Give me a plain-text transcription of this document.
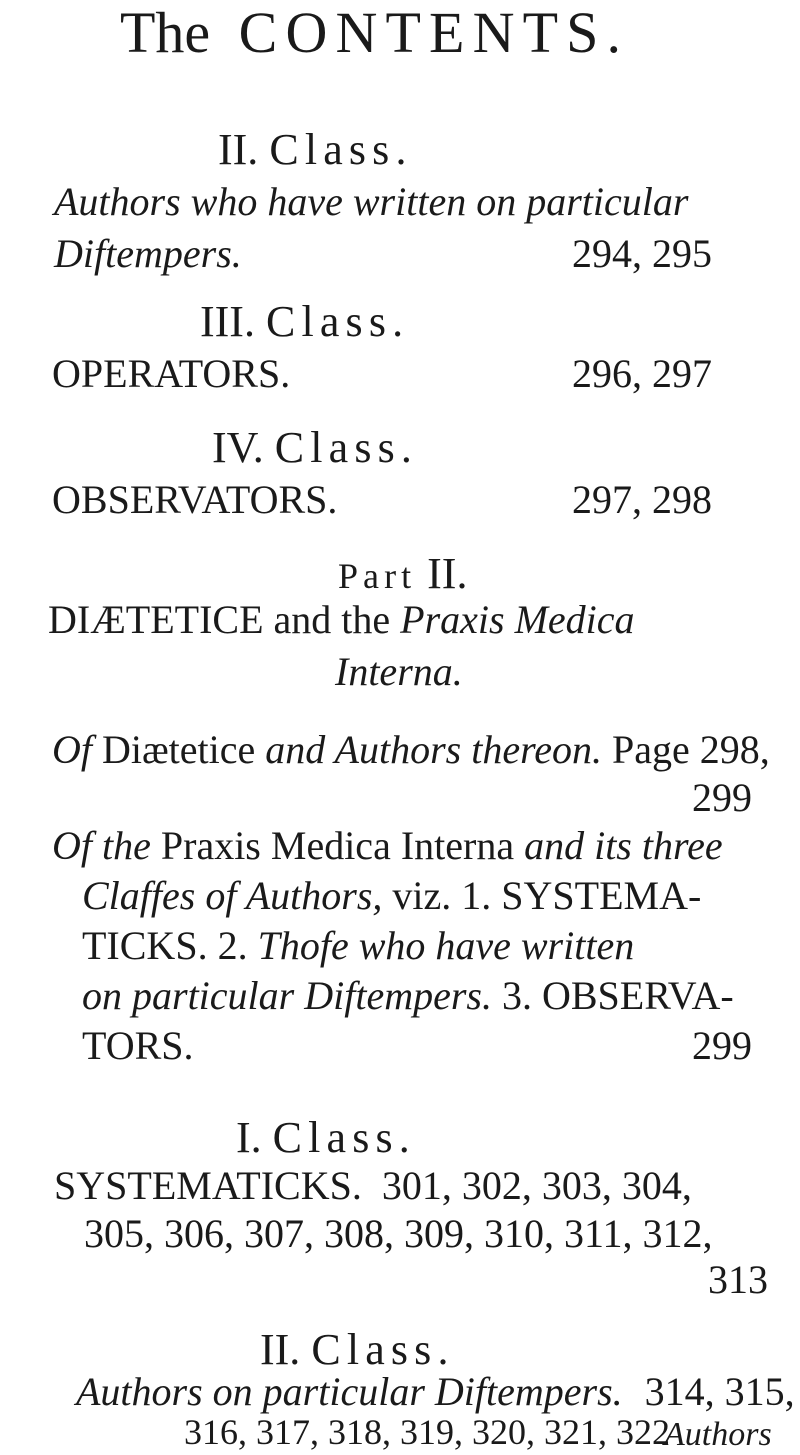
The CONTENTS.
II. Class.
Authors who have written on particular
Diftempers.	294, 295
III. Class.
OPERATORS.	296, 297
IV. Class.
OBSERVATORS.	297, 298
Part II.
DIÆTETICE and the Praxis Medica
Interna.
Of Diætetice and Authors thereon. Page 298,
299
Of the Praxis Medica Interna and its three
Claffes of Authors, viz. 1. SYSTEMA-
TICKS. 2. Thofe who have written
on particular Diftempers. 3. OBSERVA-
TORS.	299
I. Class.
SYSTEMATICKS. 301, 302, 303, 304,
305, 306, 307, 308, 309, 310, 311, 312,
313
II. Class.
Authors on particular Diftempers. 314, 315,
316, 317, 318, 319, 320, 321, 322
Authors
